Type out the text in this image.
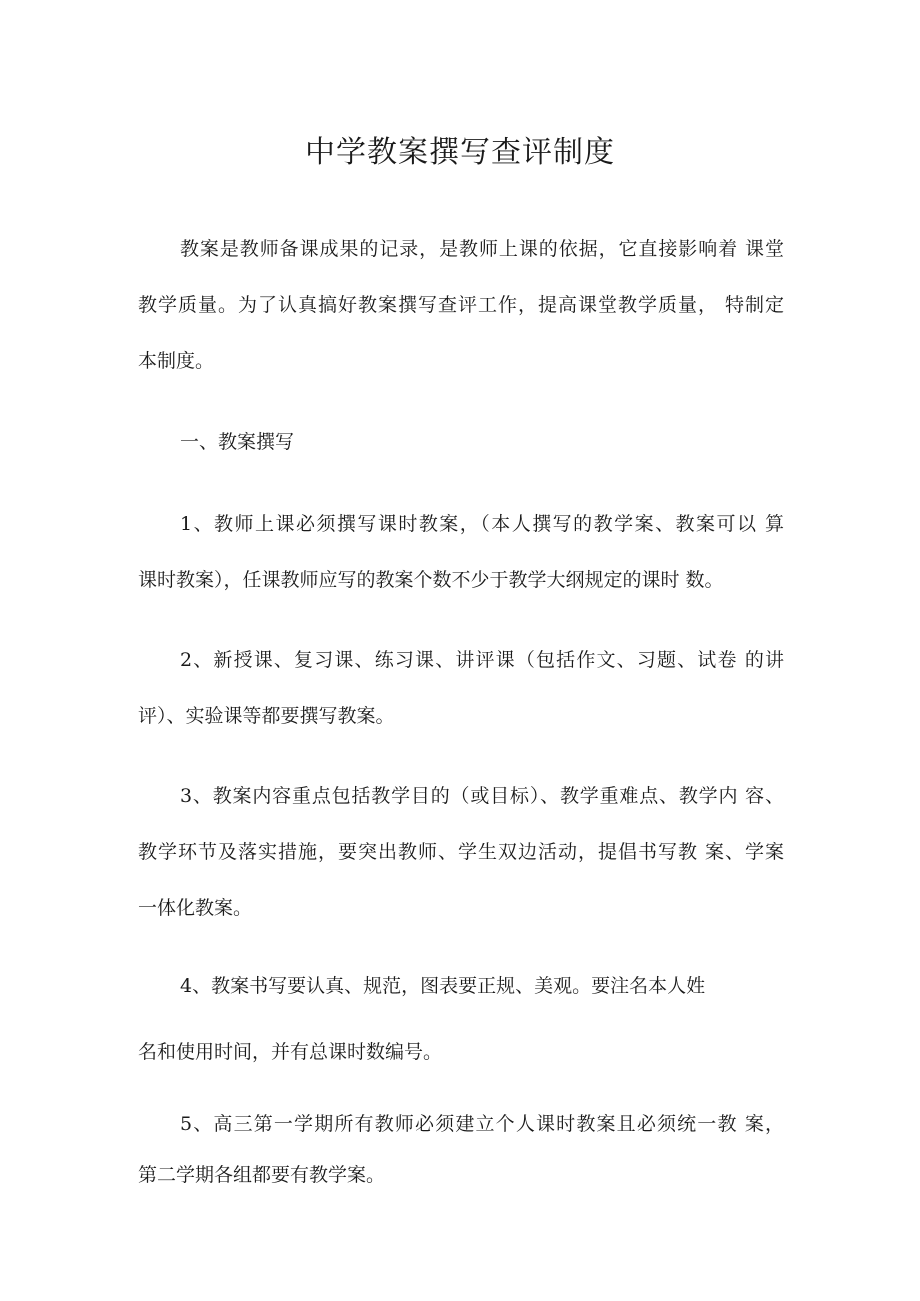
中学教案撰写查评制度
教案是教师备课成果的记录，是教师上课的依据，它直接影响着 课堂
教学质量。为了认真搞好教案撰写查评工作，提高课堂教学质量， 特制定
本制度。
一、教案撰写
1、教师上课必须撰写课时教案，（本人撰写的教学案、教案可以 算
课时教案），任课教师应写的教案个数不少于教学大纲规定的课时 数。
2、新授课、复习课、练习课、讲评课（包括作文、习题、试卷 的讲
评）、实验课等都要撰写教案。
3、教案内容重点包括教学目的（或目标）、教学重难点、教学内 容、
教学环节及落实措施，要突出教师、学生双边活动，提倡书写教 案、学案
一体化教案。
4、教案书写要认真、规范，图表要正规、美观。要注名本人姓
名和使用时间，并有总课时数编号。
5、高三第一学期所有教师必须建立个人课时教案且必须统一教 案，
第二学期各组都要有教学案。
